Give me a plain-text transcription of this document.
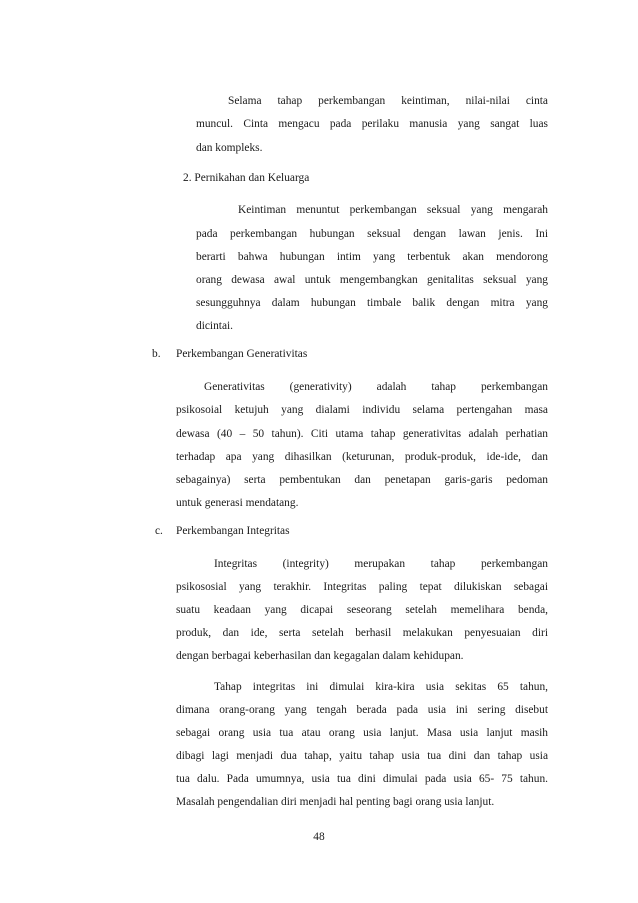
Selama tahap perkembangan keintiman, nilai-nilai cinta

muncul. Cinta mengacu pada perilaku manusia yang sangat luas

dan kompleks.

2. Pernikahan dan Keluarga

Keintiman menuntut perkembangan seksual yang mengarah

pada perkembangan hubungan seksual dengan lawan jenis. Ini

berarti bahwa hubungan intim yang terbentuk akan mendorong

orang dewasa awal untuk mengembangkan genitalitas seksual yang

sesungguhnya dalam hubungan timbale balik dengan mitra yang

dicintai.

b. Perkembangan Generativitas

Generativitas (generativity) adalah tahap perkembangan

psikosoial ketujuh yang dialami individu selama pertengahan masa

dewasa (40 – 50 tahun). Citi utama tahap generativitas adalah perhatian

terhadap apa yang dihasilkan (keturunan, produk-produk, ide-ide, dan

sebagainya) serta pembentukan dan penetapan garis-garis pedoman

untuk generasi mendatang.

c. Perkembangan Integritas

Integritas (integrity) merupakan tahap perkembangan

psikososial yang terakhir. Integritas paling tepat dilukiskan sebagai

suatu keadaan yang dicapai seseorang setelah memelihara benda,

produk, dan ide, serta setelah berhasil melakukan penyesuaian diri

dengan berbagai keberhasilan dan kegagalan dalam kehidupan.

Tahap integritas ini dimulai kira-kira usia sekitas 65 tahun,

dimana orang-orang yang tengah berada pada usia ini sering disebut

sebagai orang usia tua atau orang usia lanjut. Masa usia lanjut masih

dibagi lagi menjadi dua tahap, yaitu tahap usia tua dini dan tahap usia

tua dalu. Pada umumnya, usia tua dini dimulai pada usia 65- 75 tahun.

Masalah pengendalian diri menjadi hal penting bagi orang usia lanjut.

48
